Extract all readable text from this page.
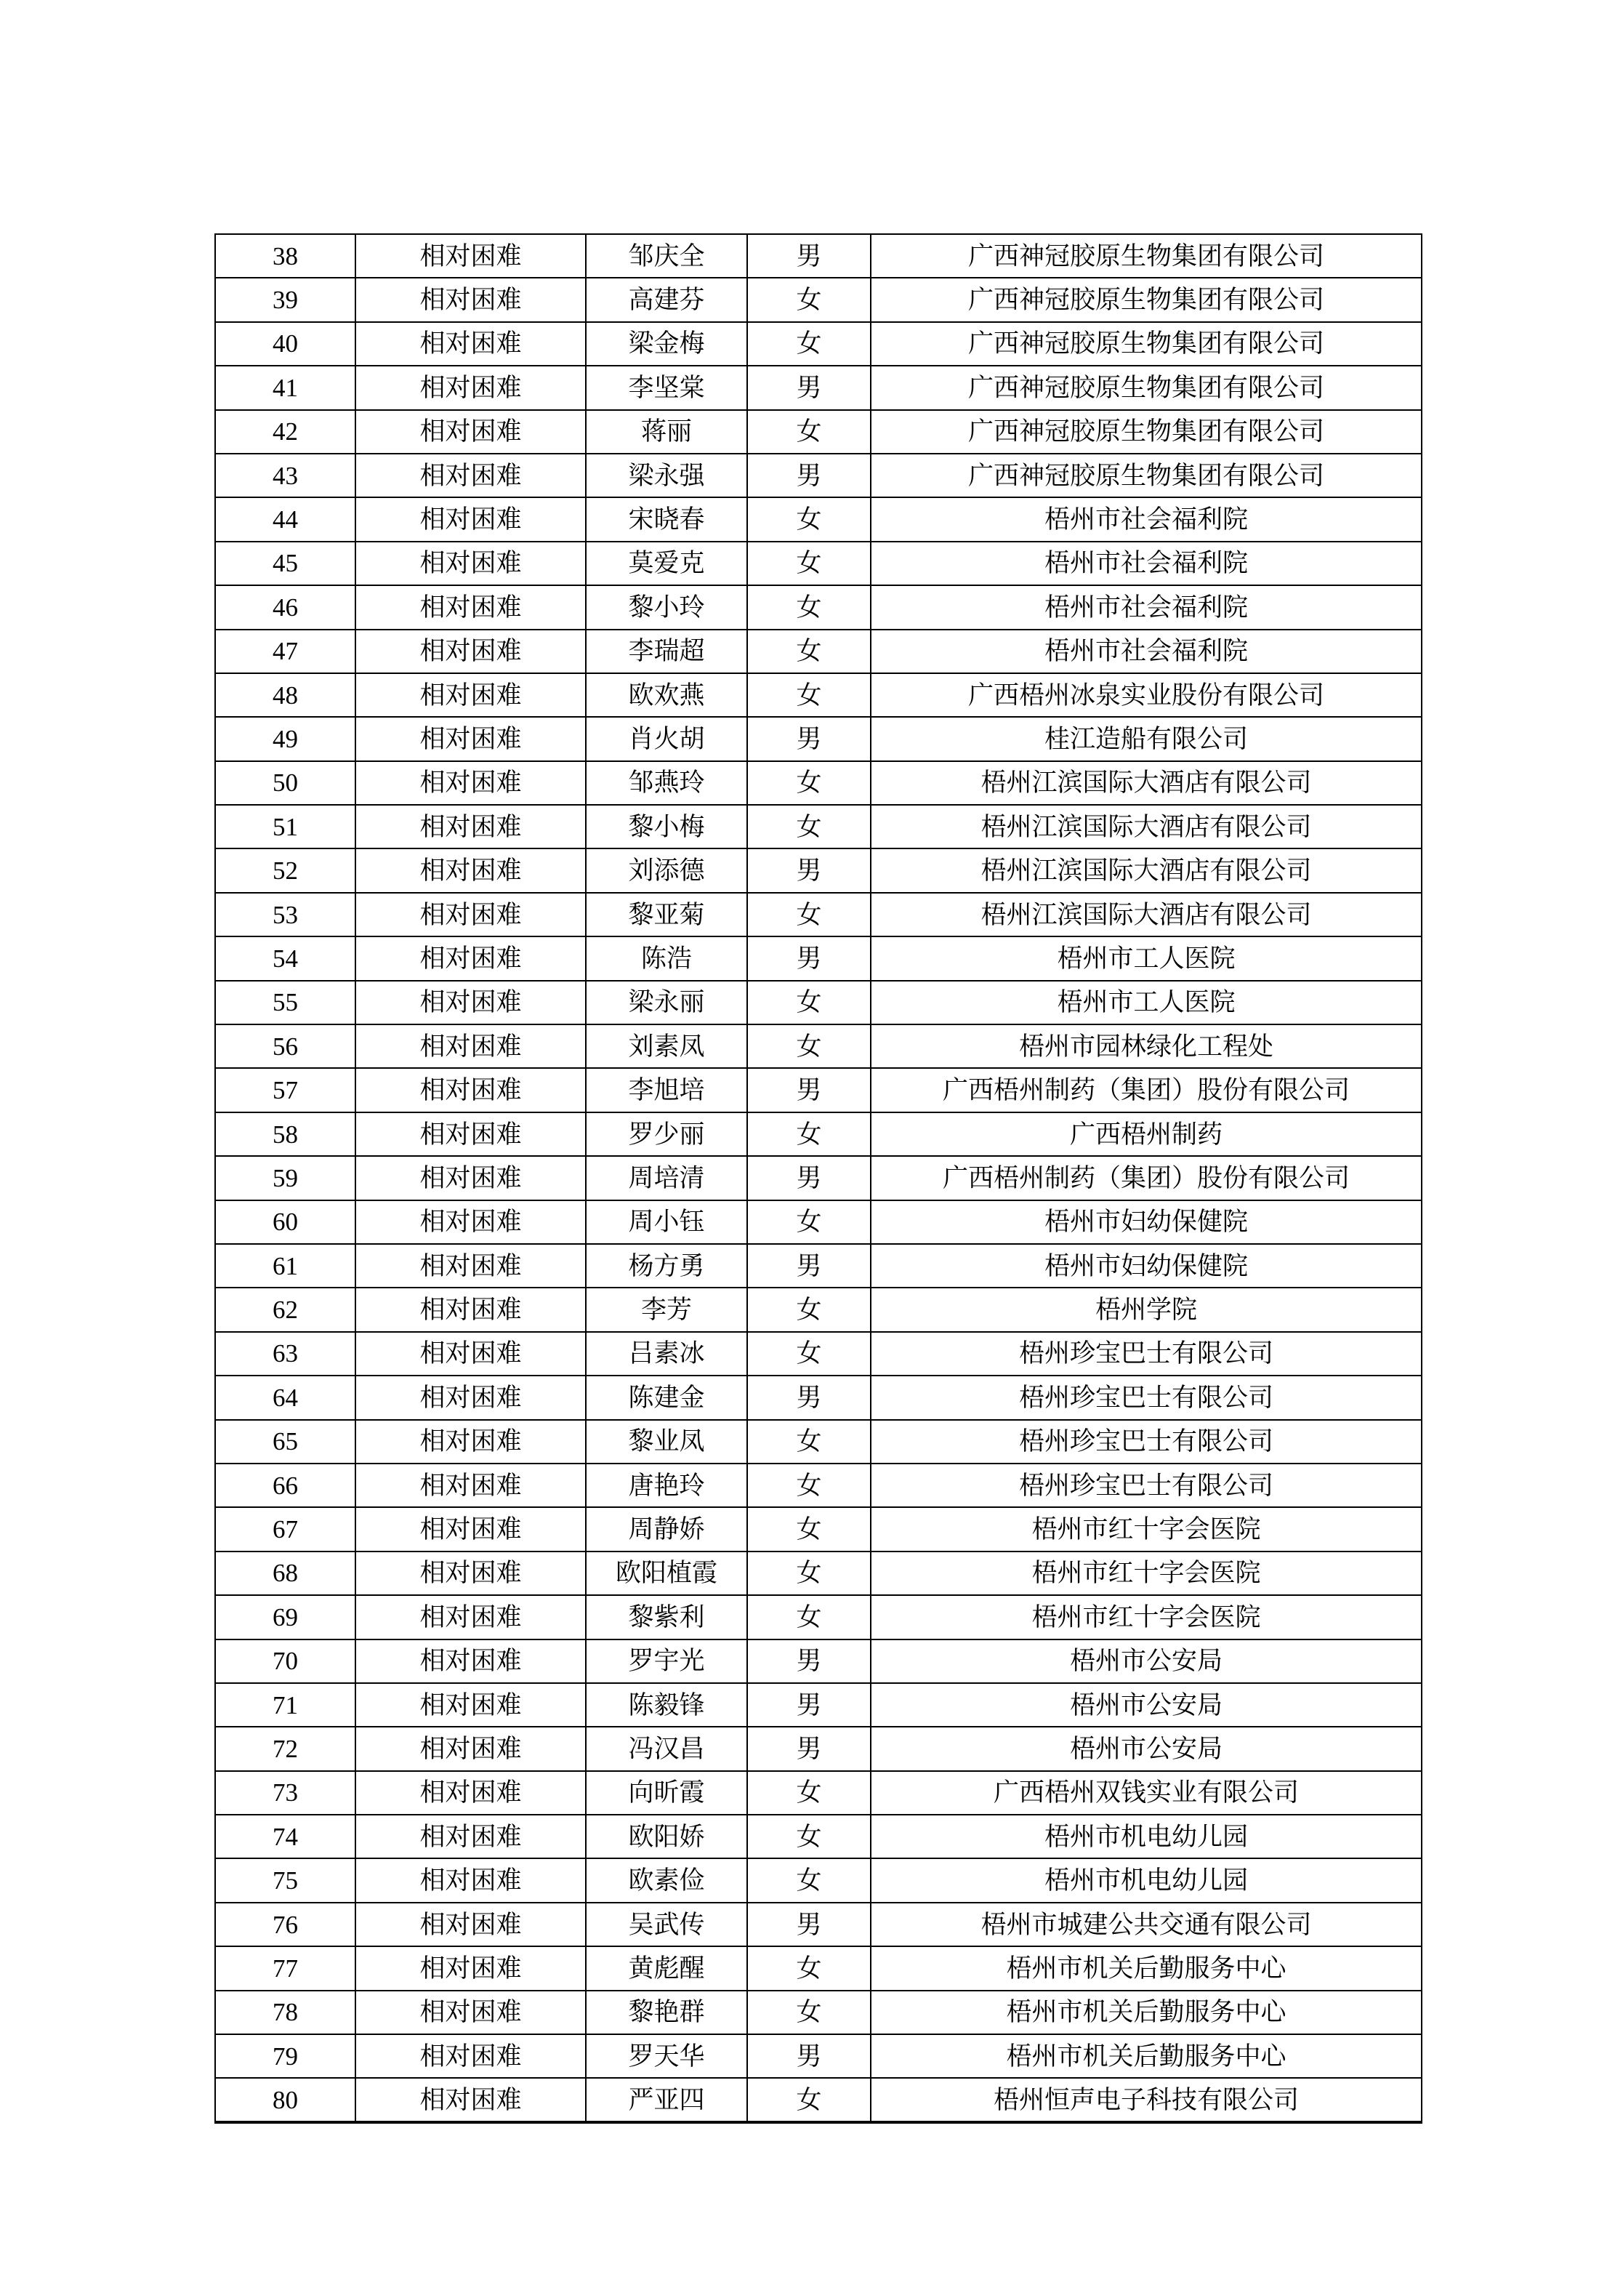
38	相对困难	邹庆全	男	广西神冠胶原生物集团有限公司
39	相对困难	高建芬	女	广西神冠胶原生物集团有限公司
40	相对困难	梁金梅	女	广西神冠胶原生物集团有限公司
41	相对困难	李坚棠	男	广西神冠胶原生物集团有限公司
42	相对困难	蒋丽	女	广西神冠胶原生物集团有限公司
43	相对困难	梁永强	男	广西神冠胶原生物集团有限公司
44	相对困难	宋晓春	女	梧州市社会福利院
45	相对困难	莫爱克	女	梧州市社会福利院
46	相对困难	黎小玲	女	梧州市社会福利院
47	相对困难	李瑞超	女	梧州市社会福利院
48	相对困难	欧欢燕	女	广西梧州冰泉实业股份有限公司
49	相对困难	肖火胡	男	桂江造船有限公司
50	相对困难	邹燕玲	女	梧州江滨国际大酒店有限公司
51	相对困难	黎小梅	女	梧州江滨国际大酒店有限公司
52	相对困难	刘添德	男	梧州江滨国际大酒店有限公司
53	相对困难	黎亚菊	女	梧州江滨国际大酒店有限公司
54	相对困难	陈浩	男	梧州市工人医院
55	相对困难	梁永丽	女	梧州市工人医院
56	相对困难	刘素凤	女	梧州市园林绿化工程处
57	相对困难	李旭培	男	广西梧州制药（集团）股份有限公司
58	相对困难	罗少丽	女	广西梧州制药
59	相对困难	周培清	男	广西梧州制药（集团）股份有限公司
60	相对困难	周小钰	女	梧州市妇幼保健院
61	相对困难	杨方勇	男	梧州市妇幼保健院
62	相对困难	李芳	女	梧州学院
63	相对困难	吕素冰	女	梧州珍宝巴士有限公司
64	相对困难	陈建金	男	梧州珍宝巴士有限公司
65	相对困难	黎业凤	女	梧州珍宝巴士有限公司
66	相对困难	唐艳玲	女	梧州珍宝巴士有限公司
67	相对困难	周静娇	女	梧州市红十字会医院
68	相对困难	欧阳植霞	女	梧州市红十字会医院
69	相对困难	黎紫利	女	梧州市红十字会医院
70	相对困难	罗宇光	男	梧州市公安局
71	相对困难	陈毅锋	男	梧州市公安局
72	相对困难	冯汉昌	男	梧州市公安局
73	相对困难	向昕霞	女	广西梧州双钱实业有限公司
74	相对困难	欧阳娇	女	梧州市机电幼儿园
75	相对困难	欧素俭	女	梧州市机电幼儿园
76	相对困难	吴武传	男	梧州市城建公共交通有限公司
77	相对困难	黄彪醒	女	梧州市机关后勤服务中心
78	相对困难	黎艳群	女	梧州市机关后勤服务中心
79	相对困难	罗天华	男	梧州市机关后勤服务中心
80	相对困难	严亚四	女	梧州恒声电子科技有限公司
